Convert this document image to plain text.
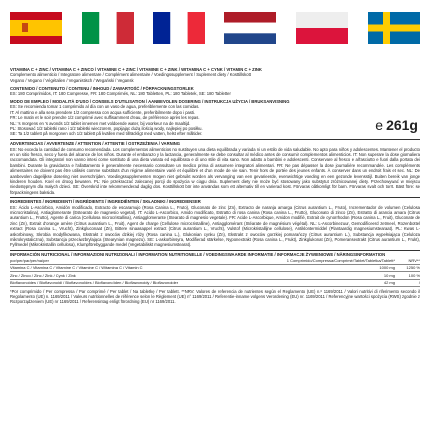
e 261g
VITAMINA C + ZINC / VITAMINA C + ZINCO / VITAMINE C + ZINC / VITAMINE C + ZINK / WITAMINA C + CYNK / VITAMIN C + ZINK
Complemento alimenticio / Integratore alimentare / Complément alimentaire / Voedingssupplement / Suplement diety / Kosttillskott
Vegano / Vegano / Végétalien / Veganistisch / Wegański / Vegansk
CONTENIDO / CONTENUTO / CONTENU / INHOUD / ZAWARTOŚĆ / FÖRPACKNINGSTORLEK
ES: 180 Comprimidos, IT: 180 Compresse, FR: 180 Comprimés, NL: 180 Tabletten, PL: 180 Tabletek, SE: 180 Tabletter
MODO DE EMPLEO / MODALITÀ D'USO / CONSEILS D'UTILISATION / AANBEVOLEN DOSERING / INSTRUKCJA UŻYCIA / BRUKSANVISNING
ES: Se recomienda tomar 1 comprimido al día con un vaso de agua, preferiblemente con las comidas.
IT: Al mattino e alla sera prendere 1/2 compressa con acqua sufficiente, preferibilmente dopo i pasti.
FR: Le matin et le soir prendre 1/2 comprimé avec suffisamment d'eau, de préférence après les repas.
NL: 's morgens en 's avonds 1/2 tablet innemen met voldoende water, bij voorkeur na de maaltijd.
PL: Stosować 1/2 tabletki rano i 1/2 tabletki wieczorem, popijając dużą ilością wody, najlepiej po posiłku.
SE: Ta 1/2 tablett på morgonen och 1/2 tablett på kvällen med tillräckligt med vatten, helst efter måltider.
ADVERTENCIAS / AVVERTENZE / ATTENTION / ATTENTIE / OSTRZEŻENIA / VARNING
ES: No exceda la cantidad de consumo recomendada. Los complementos alimenticios no sustituyen una dieta equilibrada y variada ni un estilo de vida saludable. No apto para niños y adolescentes. Mantener el producto en un sitio fresco, seco y fuera del alcance de los niños. Durante el embarazo y la lactancia, generalmente se debe consultar al médico antes de consumir complementos alimenticios. IT: Non superare la dose giornaliera raccomandata. Gli integratori non vanno intesi come sostituto di una dieta variata ed equilibrata e di uno stile di vita sano. Non adatto a bambini e adolescenti. Conservare al fresco e all'asciutto e fuori dalla portata dei bambini. Durante la gravidanza e l'allattamento è generalmente necessario consultare un medico prima di assumere integratori alimentari. FR: Ne pas dépasser la dose journalière recommandée. Les compléments alimentaires ne doivent pas être utilisés comme substituts d'un régime alimentaire varié et équilibré et d'un mode de vie sain. Tenir hors de portée des jeunes enfants. À conserver dans un endroit frais et sec. NL: De aanbevolen dagelijkse dosering niet overschrijden. Voedingssupplementen mogen niet gebruikt worden als vervanging van een gevarieerde, evenwichtige voeding en een gezonde levensstijl. Buiten bereik van jonge kinderen houden. Koel en droog bewaren. PL: Nie przekraczać zalecanej porcji do spożycia w ciągu dnia. Suplement diety nie może być stosowany jako substytut zróżnicowanej diety. Przechowywać w miejscu niedostępnym dla małych dzieci. SE: Överskrid inte rekommenderad daglig dos. Kosttillskott bör inte användas som ett alternativ till en varierad kost. Förvaras oåtkomligt för barn. Förvaras svalt och torrt. Bäst före: se förpackningens baksida.
INGREDIENTES / INGREDIENTI / INGRÉDIENTS / INGREDIËNTEN / SKŁADNIKI / INGREDIENSER
ES: Ácido L-Ascórbico, Amidón modificado, Extracto de escaramujo (Rosa Canina L., Fruto), Gluconato de zinc (Zn), Extracto de naranja amarga (Citrus aurantium L., Fruto), Incrementador de volumen (Celulosa microcristalina), Antiaglomerante (Estearato de magnesio vegetal). IT: Acido L-Ascorbico, Amido modificato, Estratto di rosa canina (Rosa canina L., Frutto), Gluconato di zinco (Zn), Estratto di arancia amara (Citrus aurantium L., Frutto), Agente di carica (Cellulosa microcristallina), Antiagglomerante (Stearato di magnesio vegetale). FR: Acide L-Ascorbique, Amidon modifié, Extrait de cynorrhodon (Rosa canina L., Fruit), Gluconate de zinc (Zn), Extrait d'orange amère (Citrus aurantium L., Fruit), Agent de charge (Cellulose microcristalline), Antiagglomérant (Stéarate de magnésium végétal). NL: L-Ascorbinezuur, Gemodificeerd zetmeel, Rozenbottel extract (Rosa canina L., Vrucht), Zinkgluconaat (Zn), Bittere sinaasappel extract (Citrus aurantium L., Vrucht), Vulstof (Microkristallijne cellulose), Antiklontermiddel (Plantaardig magnesiumstearaat). PL: Kwas L-askorbinowy, Skrobia modyfikowana, Ekstrakt z owoców dzikiej róży (Rosa canina L.), Glukonian cynku (Zn), Ekstrakt z owoców gorzkiej pomarańczy (Citrus aurantium L.), Substancja wypełniająca (Celuloza mikrokrystaliczna), Substancja przeciwzbrylająca (Stearynian magnezu). SE: L-askorbinsyra, Modifierad stärkelse, Nyponextrakt (Rosa canina L., Frukt), Zinkglukonat (Zn), Pomeransextrakt (Citrus aurantium L., Frukt), Fyllmedel (Mikrokristallin cellulosa), Klumpförebyggande medel (Vegetabiliskt magnesiumstearat).
INFORMACIÓN NUTRICIONAL / INFORMAZIONI NUTRIZIONALI / INFORMATION NUTRITIONELLE / VOEDINGSWAARDE INFORMATIE / INFORMACJE ŻYWIENIOWE / NÄRINGSINFORMATION
por/per/par/per/na/per	1 Comprimido/Compressa/Comprimé/Tablet/Tabletka/Tablett*	NRV**
Vitamina C / Vitamina C / Vitamine C / Vitamine C / Witamina C / Vitamin C	1000 mg	1250 %
Zinc / Zinco / Zinc / Zink / Cynk / Zink	10 mg	100 %
Bioflavonoides / Bioflavonoidi / Bioflavonoïdes / Bioflavonoïden / Bioflawonoidy / Bioflavonoider	42 mg	/
*Por comprimido / Per compressa / Par comprimé / Per tablet / Na tabletkę / Per tablett. **NRV: Valores de referencia de nutrientes según el Reglamento (UE) n.º 1169/2011 / Valori nutritivi di riferimento secondo il Regolamento (UE) n. 1169/2011 / Valeurs nutritionnelles de référence selon le Règlement (UE) n° 1169/2011 / Referentie-inname volgens Verordening (EU) nr. 1169/2011 / Referencyjne wartości spożycia (RWS) zgodnie z Rozporządzeniem (UE) nr 1169/2011 / Referensintag enligt förordning (EU) nr 1169/2011.
